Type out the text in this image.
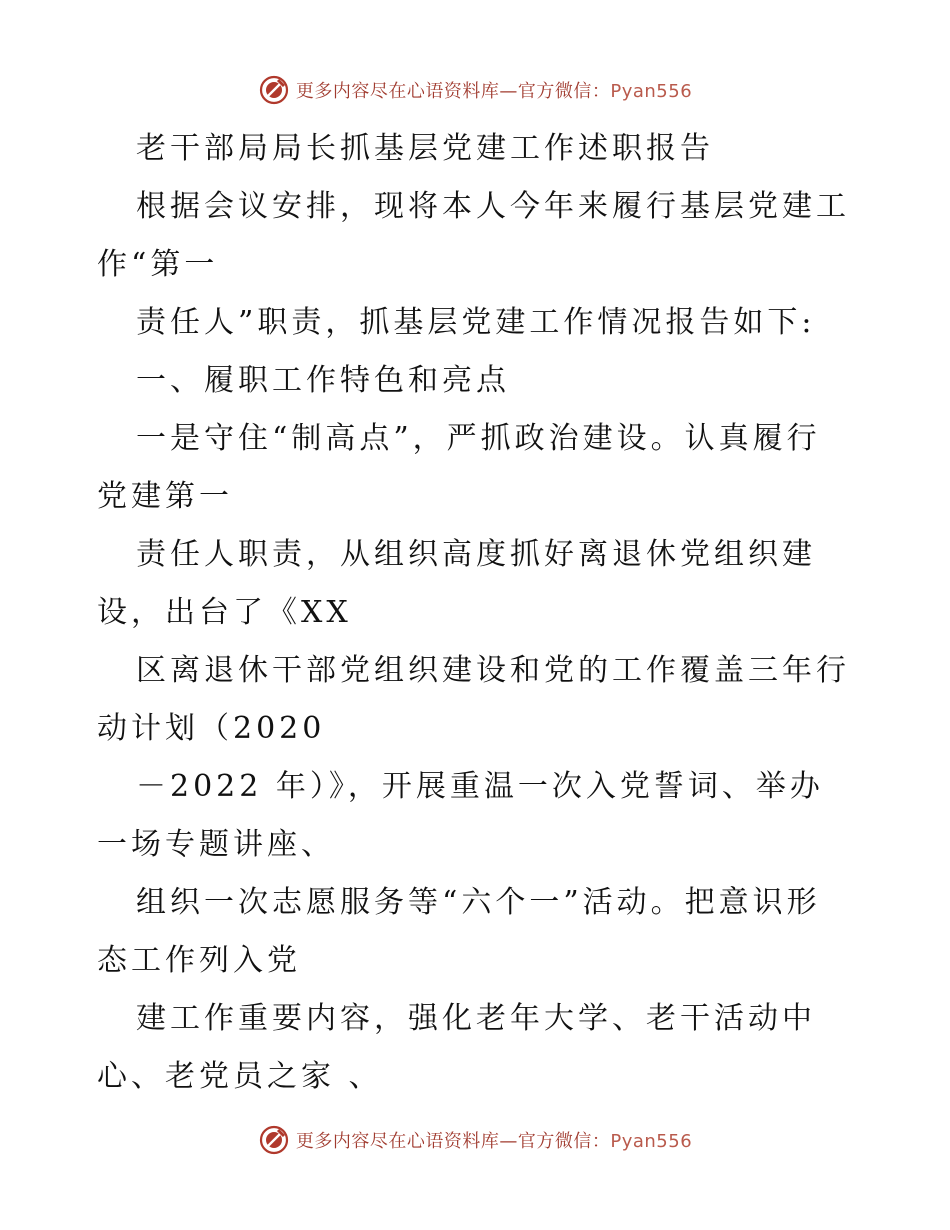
更多内容尽在心语资料库—官方微信：Pyan556
老干部局局长抓基层党建工作述职报告
根据会议安排，现将本人今年来履行基层党建工
作“第一
责任人”职责，抓基层党建工作情况报告如下:
一、履职工作特色和亮点
一是守住“制高点”，严抓政治建设。认真履行
党建第一
责任人职责，从组织高度抓好离退休党组织建
设，出台了《XX
区离退休干部党组织建设和党的工作覆盖三年行
动计划（2020
－2022 年）》，开展重温一次入党誓词、举办
一场专题讲座、
组织一次志愿服务等“六个一”活动。把意识形
态工作列入党
建工作重要内容，强化老年大学、老干活动中
心、老党员之家 、
更多内容尽在心语资料库—官方微信：Pyan556
